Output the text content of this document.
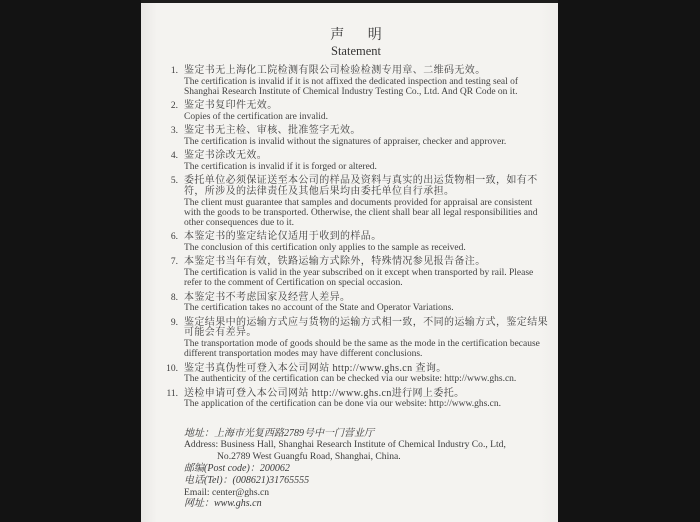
声 明
Statement
1. 鉴定书无上海化工院检测有限公司检验检测专用章、二维码无效。
The certification is invalid if it is not affixed the dedicated inspection and testing seal of Shanghai Research Institute of Chemical Industry Testing Co., Ltd. And QR Code on it.
2. 鉴定书复印件无效。
Copies of the certification are invalid.
3. 鉴定书无主检、审核、批准签字无效。
The certification is invalid without the signatures of appraiser, checker and approver.
4. 鉴定书涂改无效。
The certification is invalid if it is forged or altered.
5. 委托单位必须保证送至本公司的样品及资料与真实的出运货物相一致，如有不符，所涉及的法律责任及其他后果均由委托单位自行承担。
The client must guarantee that samples and documents provided for appraisal are consistent with the goods to be transported. Otherwise, the client shall bear all legal responsibilities and other consequences due to it.
6. 本鉴定书的鉴定结论仅适用于收到的样品。
The conclusion of this certification only applies to the sample as received.
7. 本鉴定书当年有效，铁路运输方式除外，特殊情况参见报告备注。
The certification is valid in the year subscribed on it except when transported by rail. Please refer to the comment of Certification on special occasion.
8. 本鉴定书不考虑国家及经营人差异。
The certification takes no account of the State and Operator Variations.
9. 鉴定结果中的运输方式应与货物的运输方式相一致，不同的运输方式，鉴定结果可能会有差异。
The transportation mode of goods should be the same as the mode in the certification because different transportation modes may have different conclusions.
10. 鉴定书真伪性可登入本公司网站 http://www.ghs.cn 查询。
The authenticity of the certification can be checked via our website: http://www.ghs.cn.
11. 送检申请可登入本公司网站 http://www.ghs.cn进行网上委托。
The application of the certification can be done via our website: http://www.ghs.cn.
地址：上海市光复西路2789号中一门营业厅
Address: Business Hall, Shanghai Research Institute of Chemical Industry Co., Ltd,
No.2789 West Guangfu Road, Shanghai, China.
邮编(Post code)：200062
电话(Tel)：(008621)31765555
Email: center@ghs.cn
网址：www.ghs.cn
